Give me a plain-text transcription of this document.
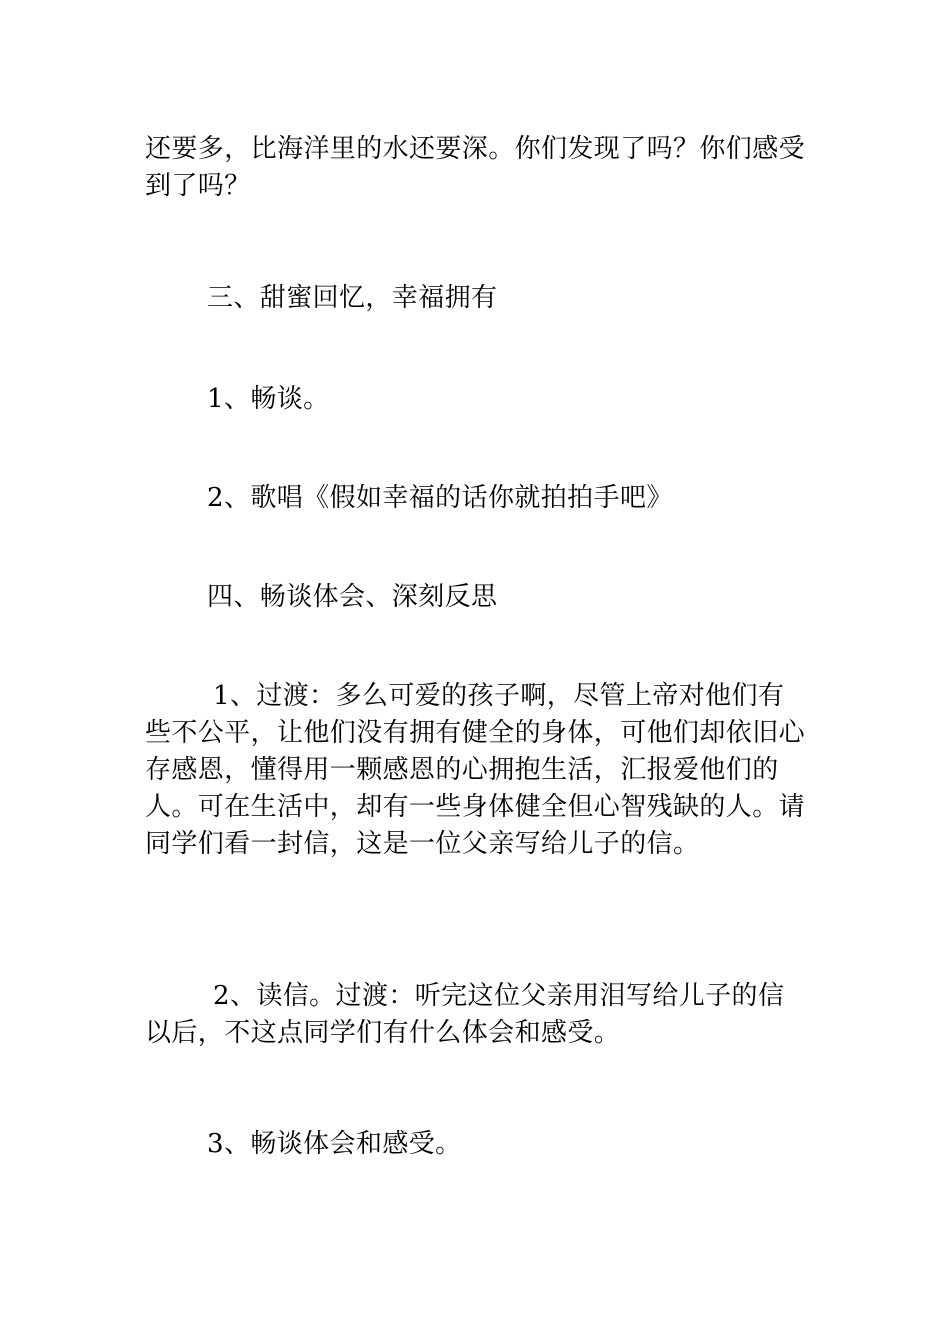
还要多，比海洋里的水还要深。你们发现了吗？你们感受到了吗？

三、甜蜜回忆，幸福拥有

1、畅谈。

2、歌唱《假如幸福的话你就拍拍手吧》

四、畅谈体会、深刻反思

1、过渡：多么可爱的孩子啊，尽管上帝对他们有些不公平，让他们没有拥有健全的身体，可他们却依旧心存感恩，懂得用一颗感恩的心拥抱生活，汇报爱他们的人。可在生活中，却有一些身体健全但心智残缺的人。请同学们看一封信，这是一位父亲写给儿子的信。

2、读信。过渡：听完这位父亲用泪写给儿子的信以后，不这点同学们有什么体会和感受。

3、畅谈体会和感受。
